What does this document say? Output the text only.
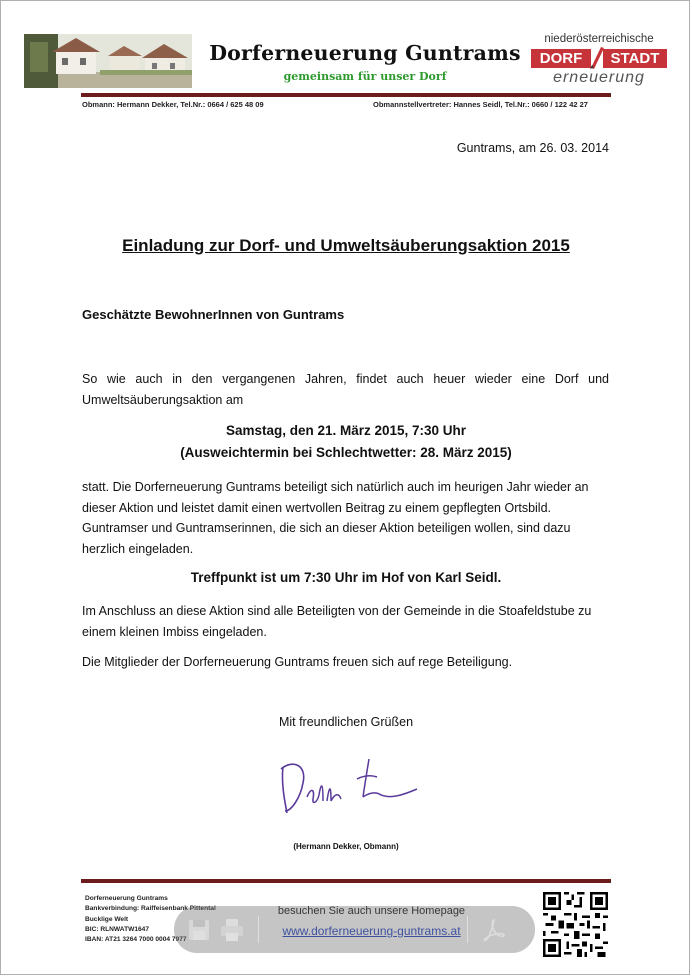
Dorferneuerung Guntrams
gemeinsam für unser Dorf
niederösterreichische
DORF	STADT
erneuerung
Obmann: Hermann Dekker, Tel.Nr.: 0664 / 625 48 09	Obmannstellvertreter: Hannes Seidl, Tel.Nr.: 0660 / 122 42 27
Guntrams, am 26. 03. 2014
Einladung zur Dorf- und Umweltsäuberungsaktion 2015
Geschätzte BewohnerInnen von Guntrams
So wie auch in den vergangenen Jahren, findet auch heuer wieder eine Dorf und Umweltsäuberungsaktion am
Samstag, den 21. März 2015, 7:30 Uhr
(Ausweichtermin bei Schlechtwetter: 28. März 2015)
statt. Die Dorferneuerung Guntrams beteiligt sich natürlich auch im heurigen Jahr wieder an dieser Aktion und leistet damit einen wertvollen Beitrag zu einem gepflegten Ortsbild. Guntramser und Guntramserinnen, die sich an dieser Aktion beteiligen wollen, sind dazu herzlich eingeladen.
Treffpunkt ist um 7:30 Uhr im Hof von Karl Seidl.
Im Anschluss an diese Aktion sind alle Beteiligten von der Gemeinde in die Stoafeldstube zu einem kleinen Imbiss eingeladen.
Die Mitglieder der Dorferneuerung Guntrams freuen sich auf rege Beteiligung.
Mit freundlichen Grüßen
(Hermann Dekker, Obmann)
Dorferneuerung Guntrams
Bankverbindung: Raiffeisenbank Pittental
Bucklige Welt
BIC: RLNWATW1647
IBAN: AT21 3264 7000 0004 7977
besuchen Sie auch unsere Homepage
www.dorferneuerung-guntrams.at
